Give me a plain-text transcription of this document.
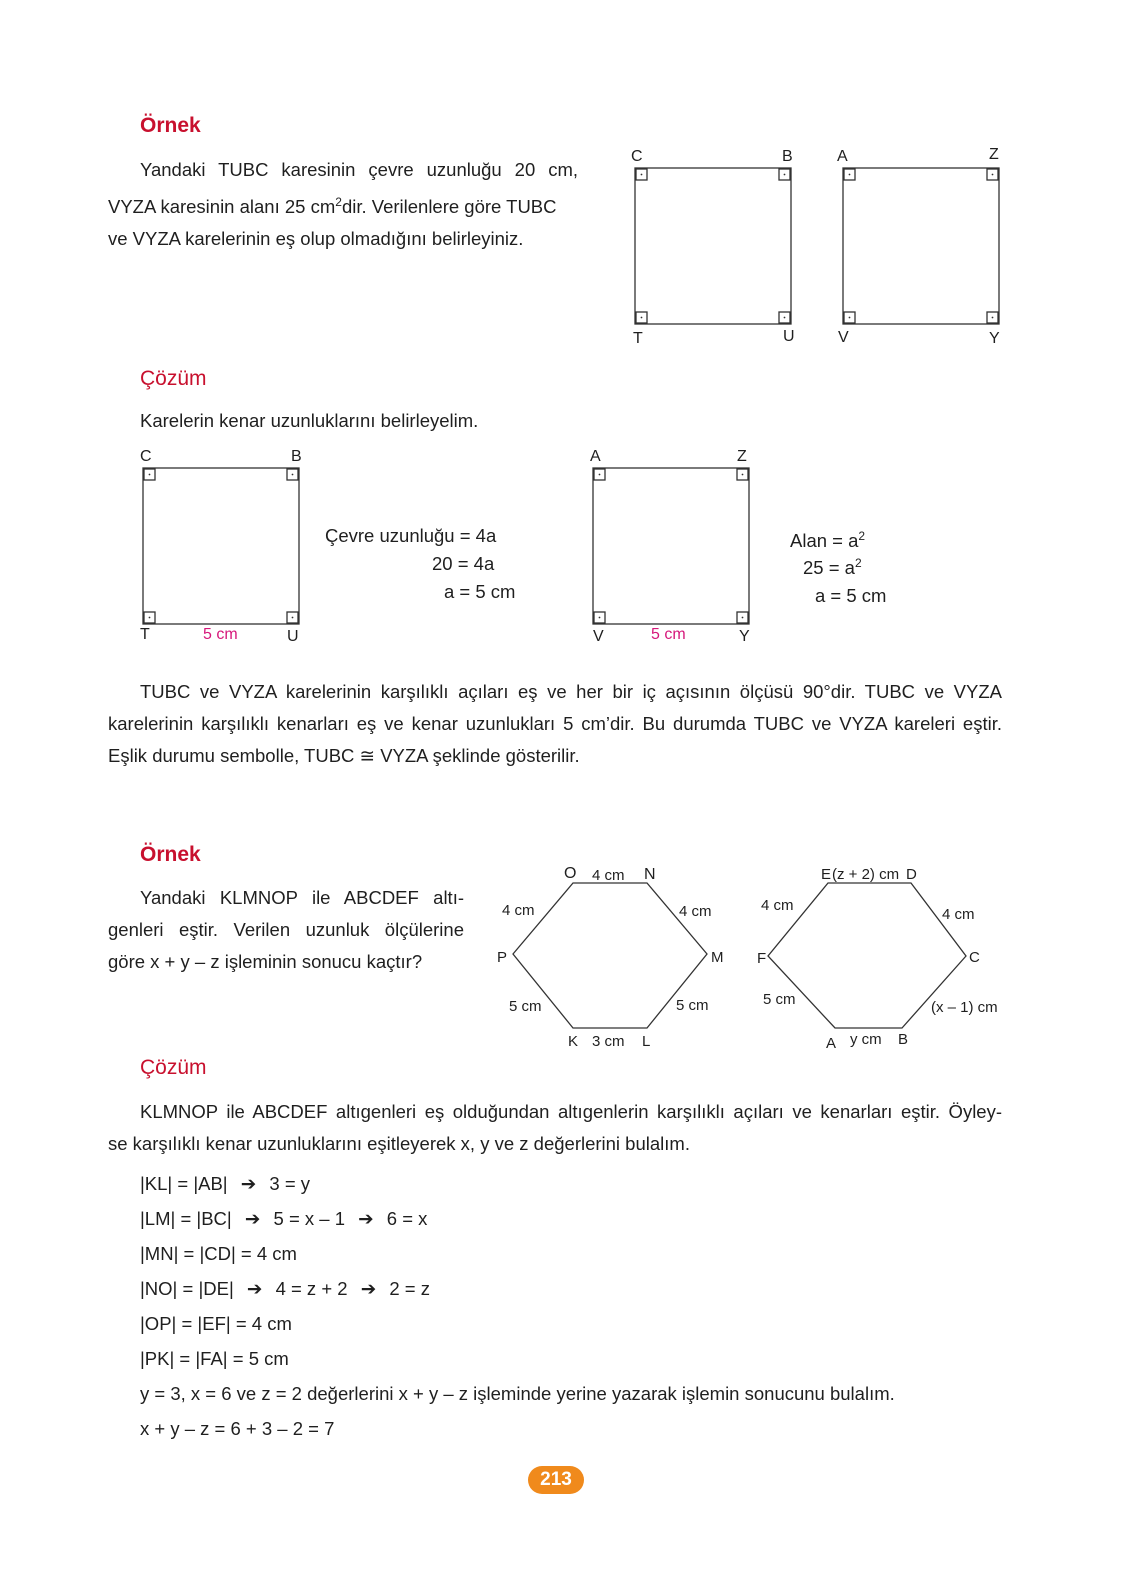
Örnek
Yandaki TUBC karesinin çevre uzunluğu 20 cm,
VYZA karesinin alanı 25 $cm^2dir$. Verilenlere göre TUBC
ve VYZA karelerinin eş olup olmadığını belirleyiniz.
C	B
T	U
A	Z
V	Y
Çözüm
Karelerin kenar uzunluklarını belirleyelim.
C	B
T	U
5 cm
A	Z
V	Y
5 cm
Çevre uzunluğu = 4a
20 = 4a
a = 5 cm
Alan = $a^2$
$25 = a^2$
a = 5 cm
TUBC ve VYZA karelerinin karşılıklı açıları eş ve her bir iç açısının ölçüsü 90°dir. TUBC ve VYZA
karelerinin karşılıklı kenarları eş ve kenar uzunlukları 5 cm’dir. Bu durumda TUBC ve VYZA kareleri eştir.
Eşlik durumu sembolle, TUBC ≅ VYZA şeklinde gösterilir.
Örnek
Yandaki KLMNOP ile ABCDEF altı-
genleri eştir. Verilen uzunluk ölçülerine
göre x + y – z işleminin sonucu kaçtır?
O	N
M
L
K
P
4 cm
4 cm
5 cm
3 cm
5 cm
4 cm
E	D
C
B
A
F
(z + 2) cm
4 cm
(x – 1) cm
y cm
5 cm
4 cm
Çözüm
KLMNOP ile ABCDEF altıgenleri eş olduğundan altıgenlerin karşılıklı açıları ve kenarları eştir. Öyley-
se karşılıklı kenar uzunluklarını eşitleyerek x, y ve z değerlerini bulalım.
|KL| = |AB| ➔ 3 = y
|LM| = |BC| ➔ 5 = x – 1 ➔ 6 = x
|MN| = |CD| = 4 cm
|NO| = |DE| ➔ 4 = z + 2 ➔ 2 = z
|OP| = |EF| = 4 cm
|PK| = |FA| = 5 cm
y = 3, x = 6 ve z = 2 değerlerini x + y – z işleminde yerine yazarak işlemin sonucunu bulalım.
x + y – z = 6 + 3 – 2 = 7
213
